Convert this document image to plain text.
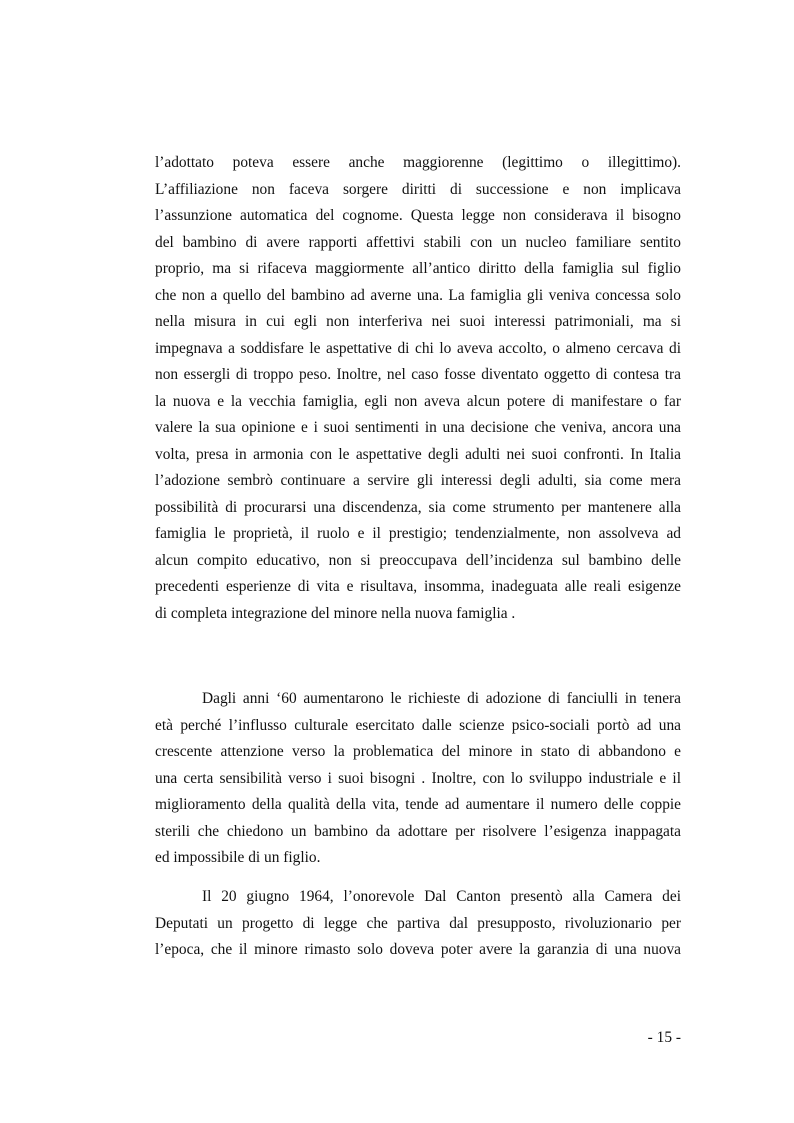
l’adottato poteva essere anche maggiorenne (legittimo o illegittimo).
L’affiliazione non faceva sorgere diritti di successione e non implicava
l’assunzione automatica del cognome. Questa legge non considerava il bisogno
del bambino di avere rapporti affettivi stabili con un nucleo familiare sentito
proprio, ma si rifaceva maggiormente all’antico diritto della famiglia sul figlio
che non a quello del bambino ad averne una. La famiglia gli veniva concessa solo
nella misura in cui egli non interferiva nei suoi interessi patrimoniali, ma si
impegnava a soddisfare le aspettative di chi lo aveva accolto, o almeno cercava di
non essergli di troppo peso. Inoltre, nel caso fosse diventato oggetto di contesa tra
la nuova e la vecchia famiglia, egli non aveva alcun potere di manifestare o far
valere la sua opinione e i suoi sentimenti in una decisione che veniva, ancora una
volta, presa in armonia con le aspettative degli adulti nei suoi confronti. In Italia
l’adozione sembrò continuare a servire gli interessi degli adulti, sia come mera
possibilità di procurarsi una discendenza, sia come strumento per mantenere alla
famiglia le proprietà, il ruolo e il prestigio; tendenzialmente, non assolveva ad
alcun compito educativo, non si preoccupava dell’incidenza sul bambino delle
precedenti esperienze di vita e risultava, insomma, inadeguata alle reali esigenze
di completa integrazione del minore nella nuova famiglia .
Dagli anni ‘60 aumentarono le richieste di adozione di fanciulli in tenera
età perché l’influsso culturale esercitato dalle scienze psico-sociali portò ad una
crescente attenzione verso la problematica del minore in stato di abbandono e
una certa sensibilità verso i suoi bisogni . Inoltre, con lo sviluppo industriale e il
miglioramento della qualità della vita, tende ad aumentare il numero delle coppie
sterili che chiedono un bambino da adottare per risolvere l’esigenza inappagata
ed impossibile di un figlio.
Il 20 giugno 1964, l’onorevole Dal Canton presentò alla Camera dei
Deputati un progetto di legge che partiva dal presupposto, rivoluzionario per
l’epoca, che il minore rimasto solo doveva poter avere la garanzia di una nuova
- 15 -
